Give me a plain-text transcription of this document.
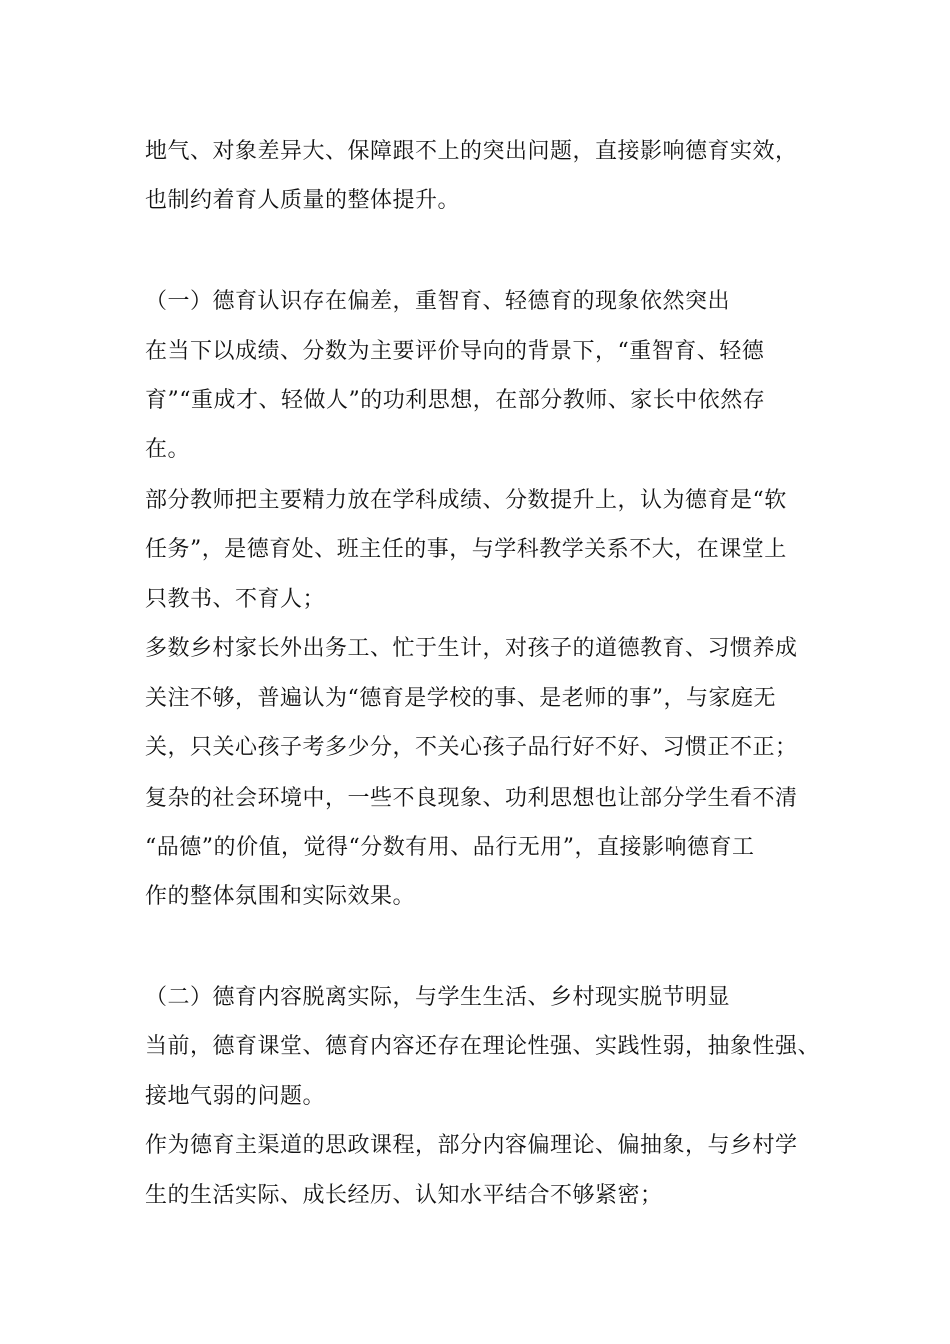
地气、对象差异大、保障跟不上的突出问题，直接影响德育实效，
也制约着育人质量的整体提升。
（一）德育认识存在偏差，重智育、轻德育的现象依然突出
在当下以成绩、分数为主要评价导向的背景下，“重智育、轻德
育”“重成才、轻做人”的功利思想，在部分教师、家长中依然存
在。
部分教师把主要精力放在学科成绩、分数提升上，认为德育是“软
任务”，是德育处、班主任的事，与学科教学关系不大，在课堂上
只教书、不育人；
多数乡村家长外出务工、忙于生计，对孩子的道德教育、习惯养成
关注不够，普遍认为“德育是学校的事、是老师的事”，与家庭无
关，只关心孩子考多少分，不关心孩子品行好不好、习惯正不正；
复杂的社会环境中，一些不良现象、功利思想也让部分学生看不清
“品德”的价值，觉得“分数有用、品行无用”，直接影响德育工
作的整体氛围和实际效果。
（二）德育内容脱离实际，与学生生活、乡村现实脱节明显
当前，德育课堂、德育内容还存在理论性强、实践性弱，抽象性强、
接地气弱的问题。
作为德育主渠道的思政课程，部分内容偏理论、偏抽象，与乡村学
生的生活实际、成长经历、认知水平结合不够紧密；
